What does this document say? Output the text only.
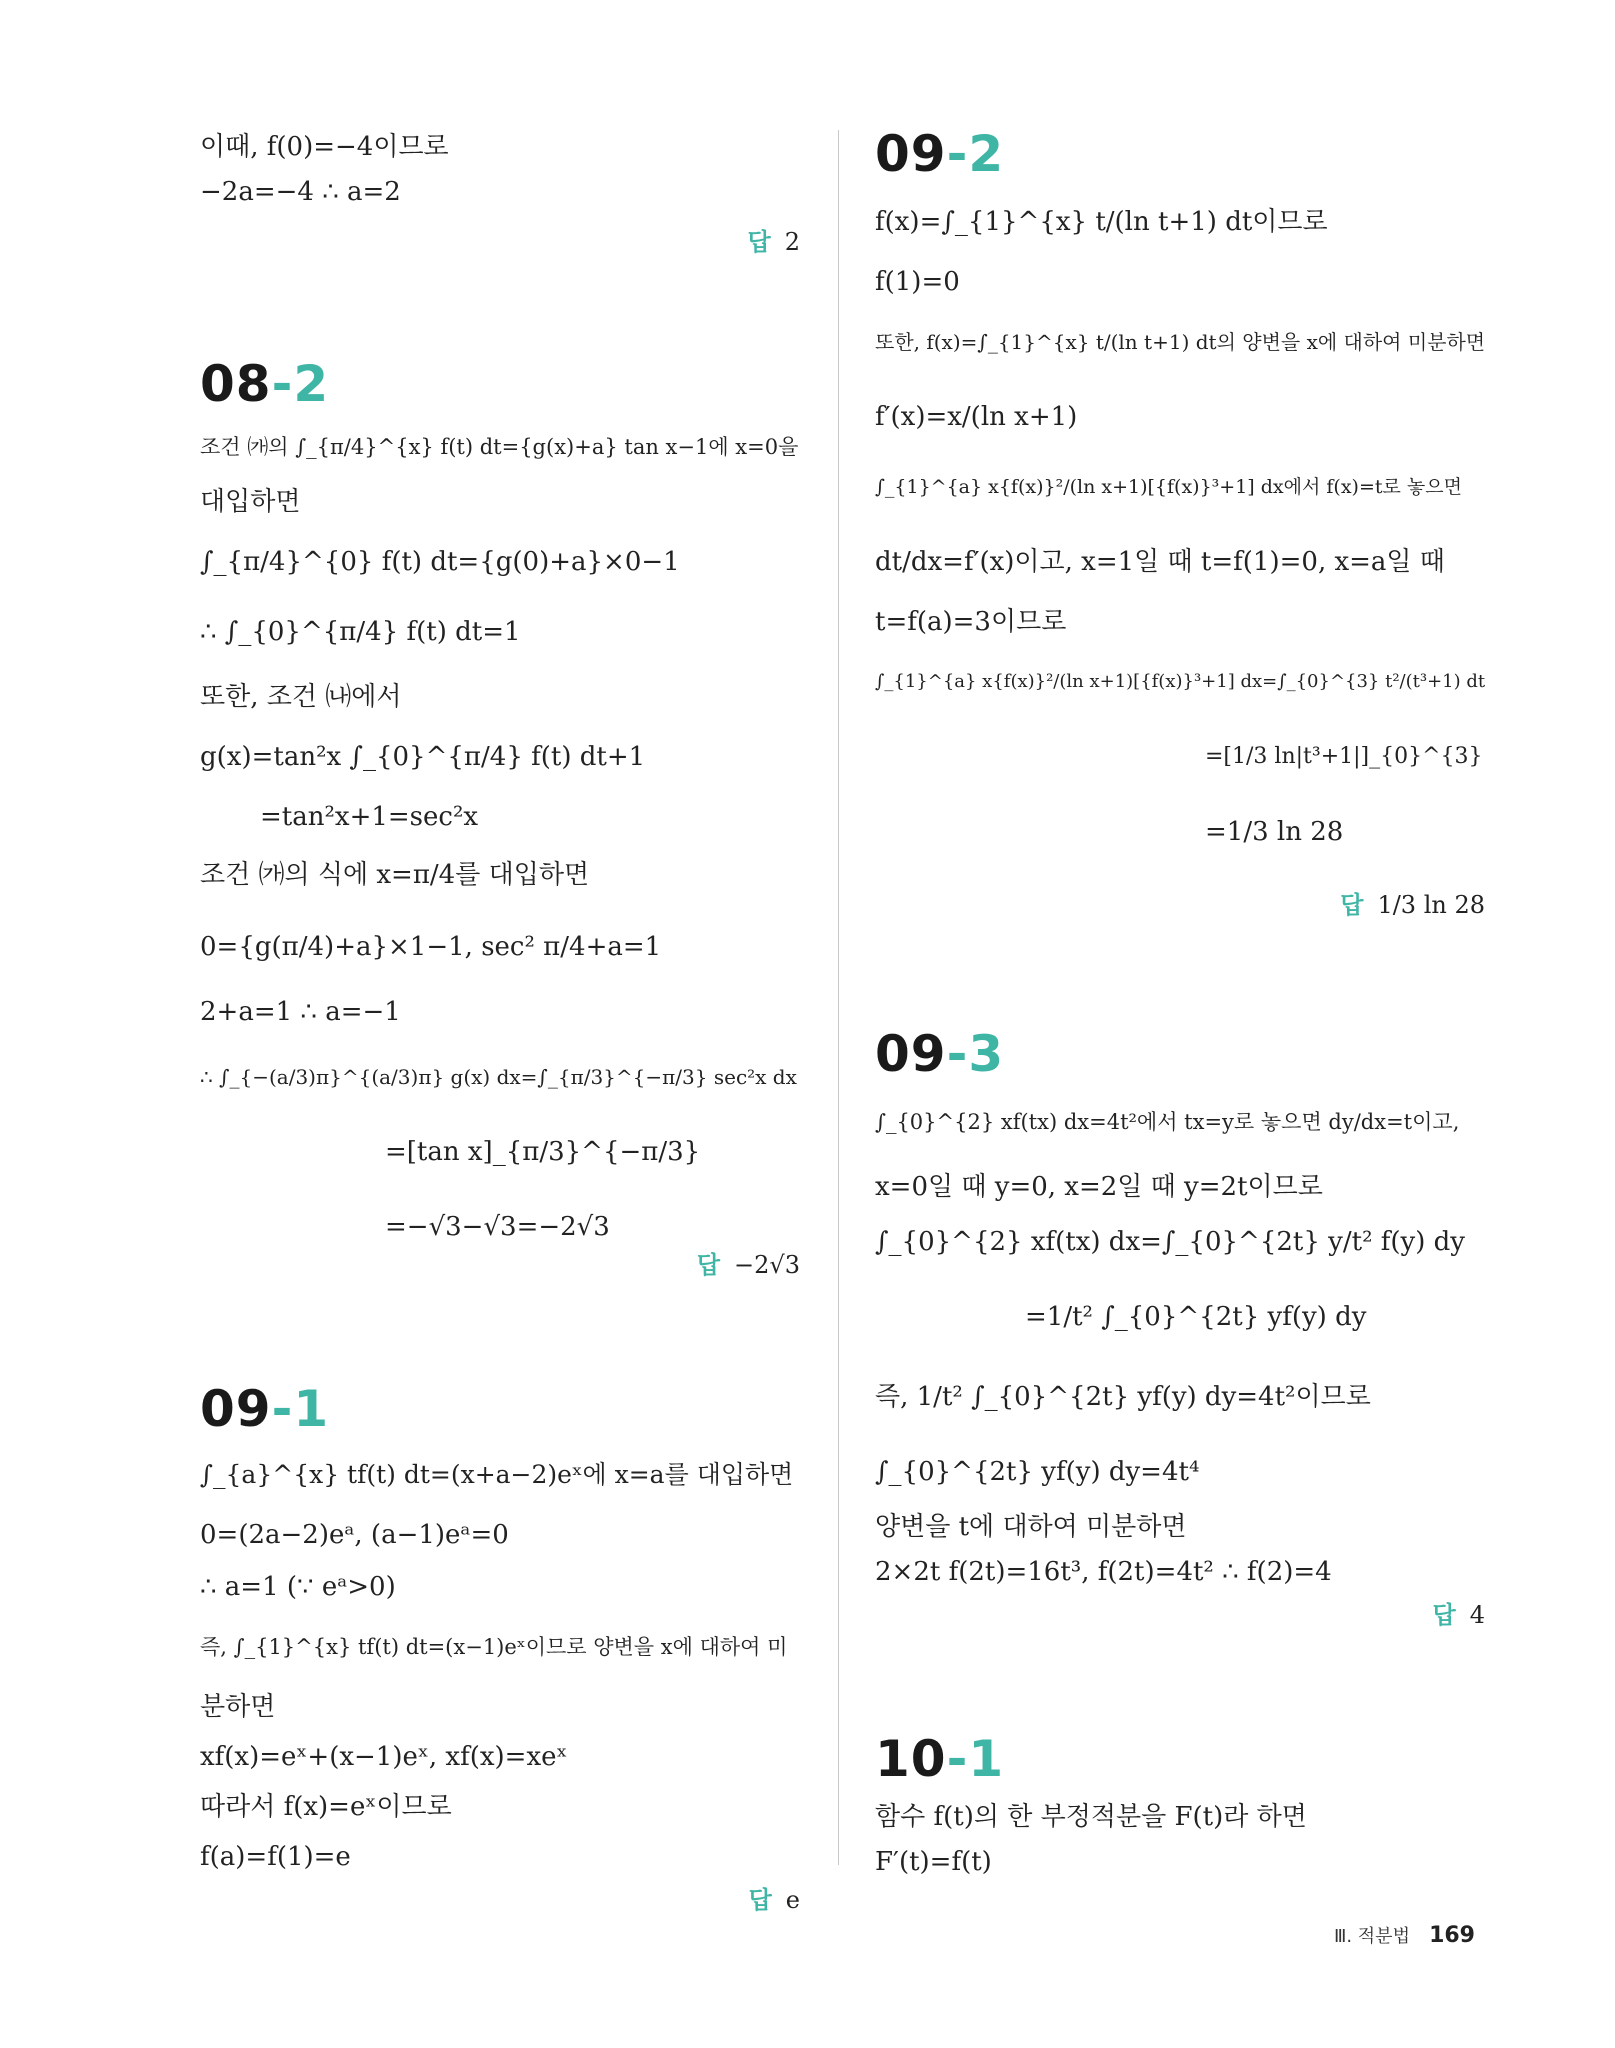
이때, f(0)=−4이므로
−2a=−4 ∴ a=2
답 2
08-2
조건 ㈎의 ∫_{π/4}^{x} f(t) dt={g(x)+a} tan x−1에 x=0을
대입하면
∫_{π/4}^{0} f(t) dt={g(0)+a}×0−1
∴ ∫_{0}^{π/4} f(t) dt=1
또한, 조건 ㈏에서
g(x)=tan²x ∫_{0}^{π/4} f(t) dt+1
=tan²x+1=sec²x
조건 ㈎의 식에 x=π/4를 대입하면
0={g(π/4)+a}×1−1, sec² π/4+a=1
2+a=1 ∴ a=−1
∴ ∫_{−(a/3)π}^{(a/3)π} g(x) dx=∫_{π/3}^{−π/3} sec²x dx
=[tan x]_{π/3}^{−π/3}
=−√3−√3=−2√3
답 −2√3
09-1
∫_{a}^{x} tf(t) dt=(x+a−2)eˣ에 x=a를 대입하면
0=(2a−2)eᵃ, (a−1)eᵃ=0
∴ a=1 (∵ eᵃ>0)
즉, ∫_{1}^{x} tf(t) dt=(x−1)eˣ이므로 양변을 x에 대하여 미
분하면
xf(x)=eˣ+(x−1)eˣ, xf(x)=xeˣ
따라서 f(x)=eˣ이므로
f(a)=f(1)=e
답 e
09-2
f(x)=∫_{1}^{x} t/(ln t+1) dt이므로
f(1)=0
또한, f(x)=∫_{1}^{x} t/(ln t+1) dt의 양변을 x에 대하여 미분하면
f′(x)=x/(ln x+1)
∫_{1}^{a} x{f(x)}²/(ln x+1)[{f(x)}³+1] dx에서 f(x)=t로 놓으면
dt/dx=f′(x)이고, x=1일 때 t=f(1)=0, x=a일 때
t=f(a)=3이므로
∫_{1}^{a} x{f(x)}²/(ln x+1)[{f(x)}³+1] dx=∫_{0}^{3} t²/(t³+1) dt
=[1/3 ln|t³+1|]_{0}^{3}
=1/3 ln 28
답 1/3 ln 28
09-3
∫_{0}^{2} xf(tx) dx=4t²에서 tx=y로 놓으면 dy/dx=t이고,
x=0일 때 y=0, x=2일 때 y=2t이므로
∫_{0}^{2} xf(tx) dx=∫_{0}^{2t} y/t² f(y) dy
=1/t² ∫_{0}^{2t} yf(y) dy
즉, 1/t² ∫_{0}^{2t} yf(y) dy=4t²이므로
∫_{0}^{2t} yf(y) dy=4t⁴
양변을 t에 대하여 미분하면
2×2t f(2t)=16t³, f(2t)=4t² ∴ f(2)=4
답 4
10-1
함수 f(t)의 한 부정적분을 F(t)라 하면
F′(t)=f(t)
Ⅲ. 적분법 169
